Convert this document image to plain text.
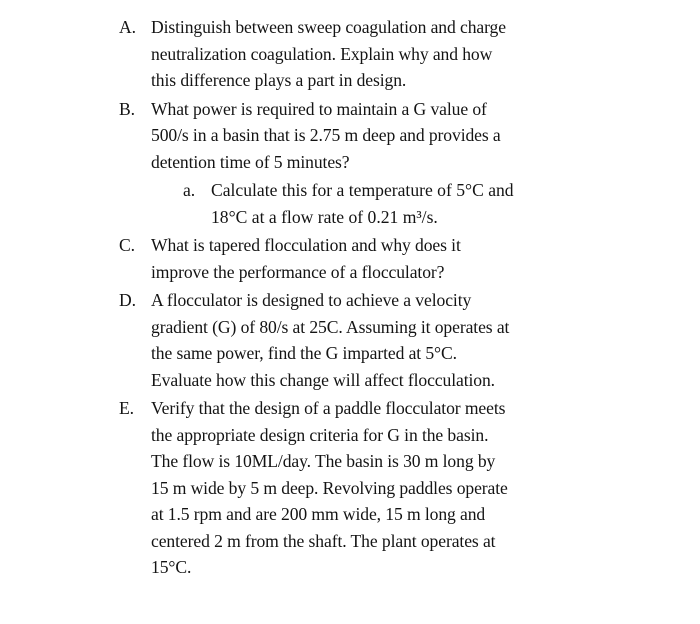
A. Distinguish between sweep coagulation and charge
neutralization coagulation. Explain why and how
this difference plays a part in design.
B. What power is required to maintain a G value of
500/s in a basin that is 2.75 m deep and provides a
detention time of 5 minutes?
a. Calculate this for a temperature of 5°C and
18°C at a flow rate of 0.21 m³/s.
C. What is tapered flocculation and why does it
improve the performance of a flocculator?
D. A flocculator is designed to achieve a velocity
gradient (G) of 80/s at 25C. Assuming it operates at
the same power, find the G imparted at 5°C.
Evaluate how this change will affect flocculation.
E. Verify that the design of a paddle flocculator meets
the appropriate design criteria for G in the basin.
The flow is 10ML/day. The basin is 30 m long by
15 m wide by 5 m deep. Revolving paddles operate
at 1.5 rpm and are 200 mm wide, 15 m long and
centered 2 m from the shaft. The plant operates at
15°C.
